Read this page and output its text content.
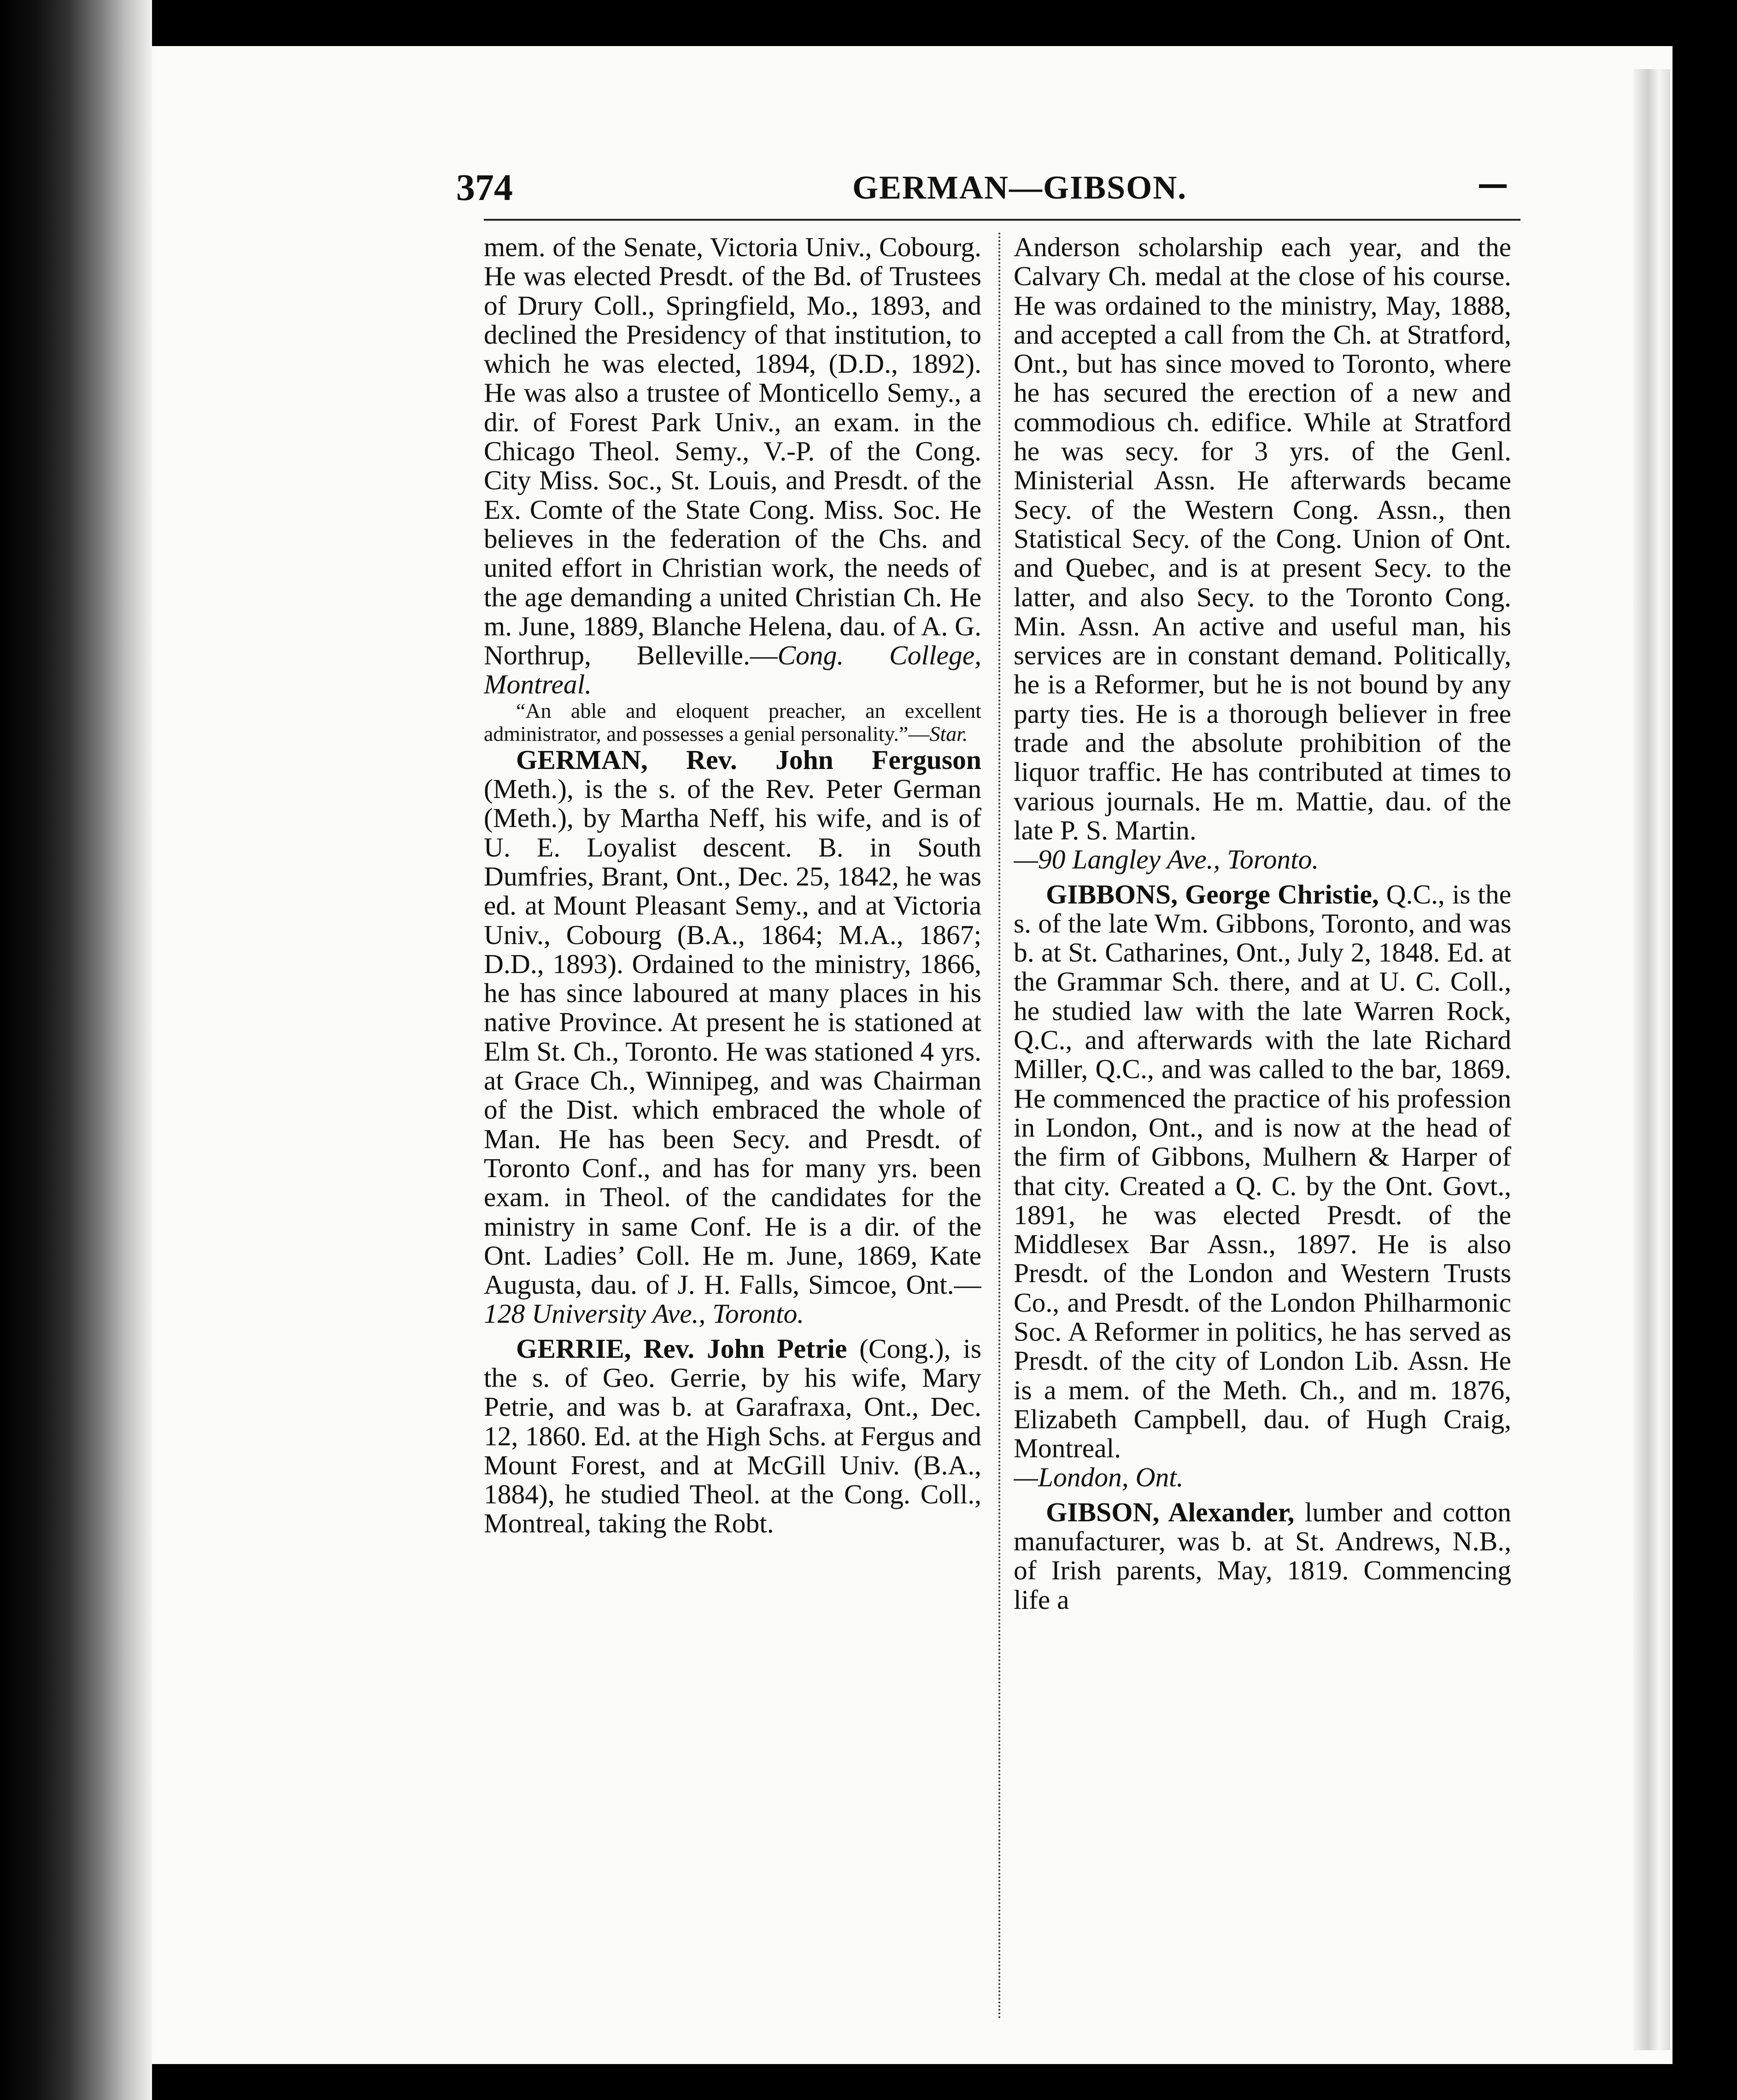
374	GERMAN—GIBSON.

mem. of the Senate, Victoria Univ., Cobourg. He was elected Presdt. of the Bd. of Trustees of Drury Coll., Springfield, Mo., 1893, and declined the Presidency of that institution, to which he was elected, 1894, (D.D., 1892). He was also a trustee of Monticello Semy., a dir. of Forest Park Univ., an exam. in the Chicago Theol. Semy., V.-P. of the Cong. City Miss. Soc., St. Louis, and Presdt. of the Ex. Comte of the State Cong. Miss. Soc. He believes in the federation of the Chs. and united effort in Christian work, the needs of the age demanding a united Christian Ch. He m. June, 1889, Blanche Helena, dau. of A. G. Northrup, Belleville.—Cong. College, Montreal.

“An able and eloquent preacher, an excellent administrator, and possesses a genial personality.”—Star.

GERMAN, Rev. John Ferguson (Meth.), is the s. of the Rev. Peter German (Meth.), by Martha Neff, his wife, and is of U. E. Loyalist descent. B. in South Dumfries, Brant, Ont., Dec. 25, 1842, he was ed. at Mount Pleasant Semy., and at Victoria Univ., Cobourg (B.A., 1864; M.A., 1867; D.D., 1893). Ordained to the ministry, 1866, he has since laboured at many places in his native Province. At present he is stationed at Elm St. Ch., Toronto. He was stationed 4 yrs. at Grace Ch., Winnipeg, and was Chairman of the Dist. which embraced the whole of Man. He has been Secy. and Presdt. of Toronto Conf., and has for many yrs. been exam. in Theol. of the candidates for the ministry in same Conf. He is a dir. of the Ont. Ladies’ Coll. He m. June, 1869, Kate Augusta, dau. of J. H. Falls, Simcoe, Ont.—128 University Ave., Toronto.

GERRIE, Rev. John Petrie (Cong.), is the s. of Geo. Gerrie, by his wife, Mary Petrie, and was b. at Garafraxa, Ont., Dec. 12, 1860. Ed. at the High Schs. at Fergus and Mount Forest, and at McGill Univ. (B.A., 1884), he studied Theol. at the Cong. Coll., Montreal, taking the Robt.

Anderson scholarship each year, and the Calvary Ch. medal at the close of his course. He was ordained to the ministry, May, 1888, and accepted a call from the Ch. at Stratford, Ont., but has since moved to Toronto, where he has secured the erection of a new and commodious ch. edifice. While at Stratford he was secy. for 3 yrs. of the Genl. Ministerial Assn. He afterwards became Secy. of the Western Cong. Assn., then Statistical Secy. of the Cong. Union of Ont. and Quebec, and is at present Secy. to the latter, and also Secy. to the Toronto Cong. Min. Assn. An active and useful man, his services are in constant demand. Politically, he is a Reformer, but he is not bound by any party ties. He is a thorough believer in free trade and the absolute prohibition of the liquor traffic. He has contributed at times to various journals. He m. Mattie, dau. of the late P. S. Martin.
—90 Langley Ave., Toronto.

GIBBONS, George Christie, Q.C., is the s. of the late Wm. Gibbons, Toronto, and was b. at St. Catharines, Ont., July 2, 1848. Ed. at the Grammar Sch. there, and at U. C. Coll., he studied law with the late Warren Rock, Q.C., and afterwards with the late Richard Miller, Q.C., and was called to the bar, 1869. He commenced the practice of his profession in London, Ont., and is now at the head of the firm of Gibbons, Mulhern & Harper of that city. Created a Q. C. by the Ont. Govt., 1891, he was elected Presdt. of the Middlesex Bar Assn., 1897. He is also Presdt. of the London and Western Trusts Co., and Presdt. of the London Philharmonic Soc. A Reformer in politics, he has served as Presdt. of the city of London Lib. Assn. He is a mem. of the Meth. Ch., and m. 1876, Elizabeth Campbell, dau. of Hugh Craig, Montreal.
—London, Ont.

GIBSON, Alexander, lumber and cotton manufacturer, was b. at St. Andrews, N.B., of Irish parents, May, 1819. Commencing life a
